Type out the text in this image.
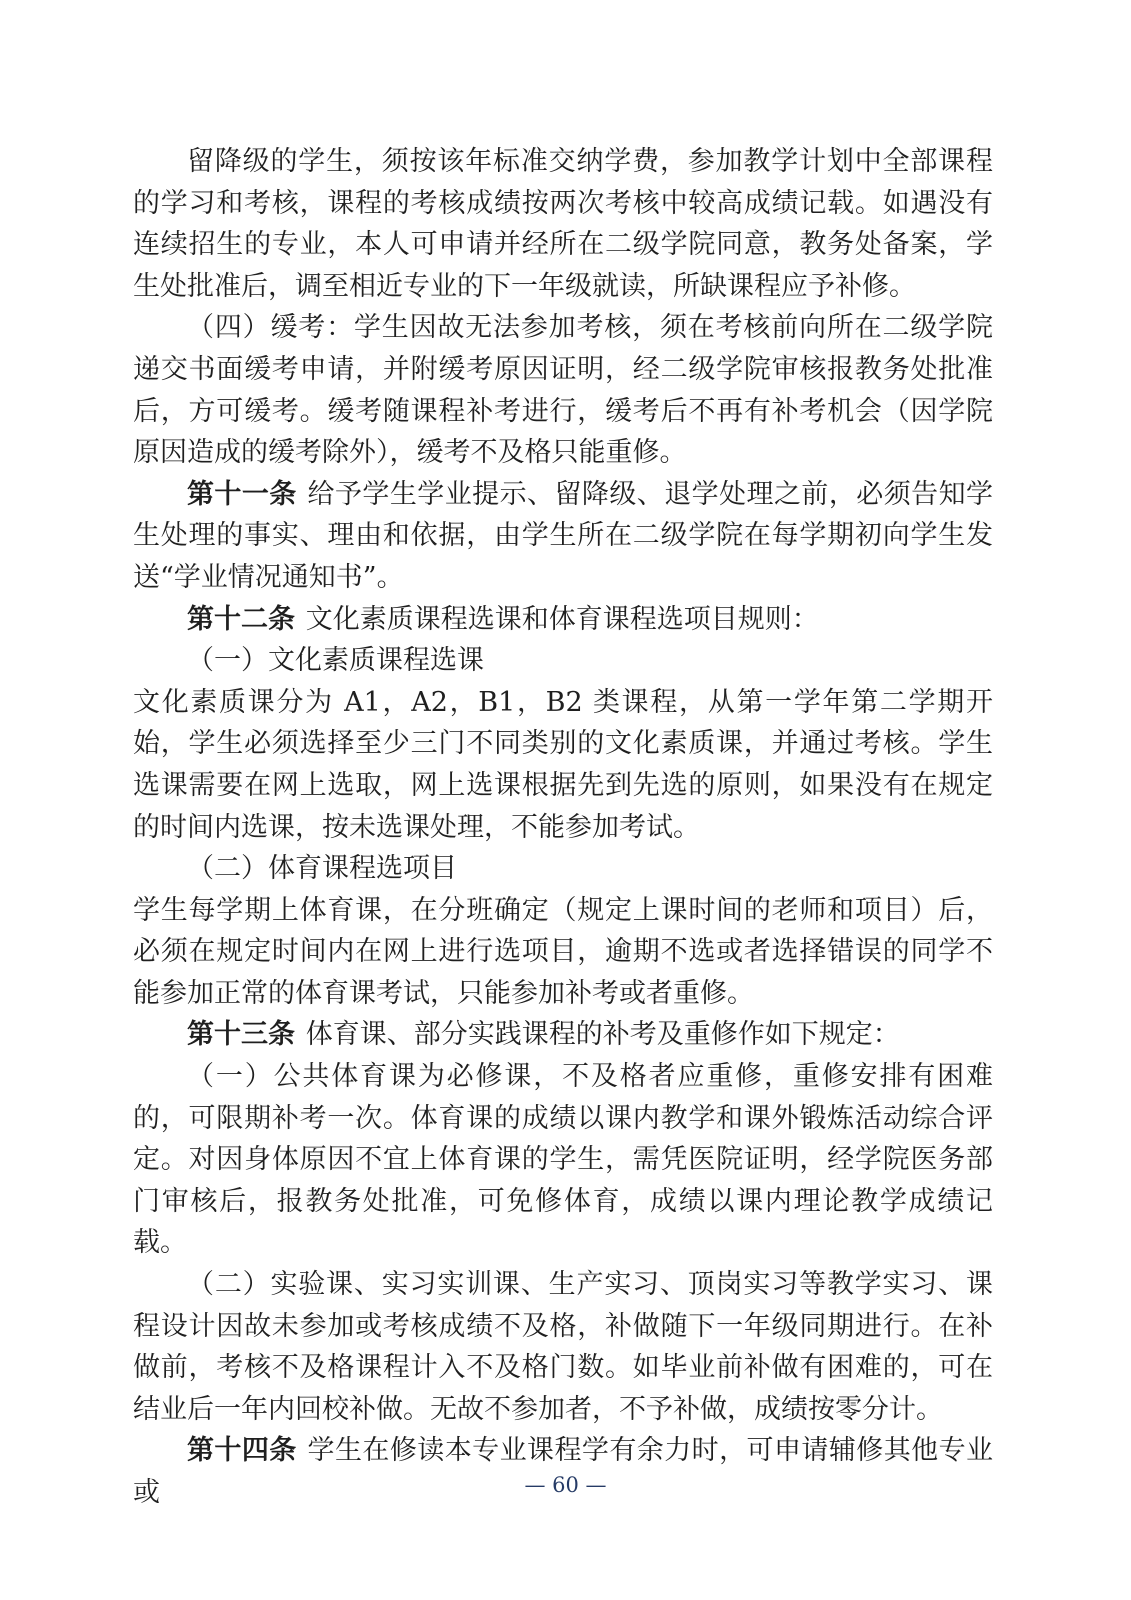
留降级的学生，须按该年标准交纳学费，参加教学计划中全部课程的学习和考核，课程的考核成绩按两次考核中较高成绩记载。如遇没有连续招生的专业，本人可申请并经所在二级学院同意，教务处备案，学生处批准后，调至相近专业的下一年级就读，所缺课程应予补修。

（四）缓考：学生因故无法参加考核，须在考核前向所在二级学院递交书面缓考申请，并附缓考原因证明，经二级学院审核报教务处批准后，方可缓考。缓考随课程补考进行，缓考后不再有补考机会（因学院原因造成的缓考除外），缓考不及格只能重修。

第十一条 给予学生学业提示、留降级、退学处理之前，必须告知学生处理的事实、理由和依据，由学生所在二级学院在每学期初向学生发送“学业情况通知书”。

第十二条 文化素质课程选课和体育课程选项目规则：

（一）文化素质课程选课

文化素质课分为 A1，A2，B1，B2 类课程，从第一学年第二学期开始，学生必须选择至少三门不同类别的文化素质课，并通过考核。学生选课需要在网上选取，网上选课根据先到先选的原则，如果没有在规定的时间内选课，按未选课处理，不能参加考试。

（二）体育课程选项目

学生每学期上体育课，在分班确定（规定上课时间的老师和项目）后，必须在规定时间内在网上进行选项目，逾期不选或者选择错误的同学不能参加正常的体育课考试，只能参加补考或者重修。

第十三条 体育课、部分实践课程的补考及重修作如下规定：

（一）公共体育课为必修课，不及格者应重修，重修安排有困难的，可限期补考一次。体育课的成绩以课内教学和课外锻炼活动综合评定。对因身体原因不宜上体育课的学生，需凭医院证明，经学院医务部门审核后，报教务处批准，可免修体育，成绩以课内理论教学成绩记载。

（二）实验课、实习实训课、生产实习、顶岗实习等教学实习、课程设计因故未参加或考核成绩不及格，补做随下一年级同期进行。在补做前，考核不及格课程计入不及格门数。如毕业前补做有困难的，可在结业后一年内回校补做。无故不参加者，不予补做，成绩按零分计。

第十四条 学生在修读本专业课程学有余力时，可申请辅修其他专业或	— 60 —
